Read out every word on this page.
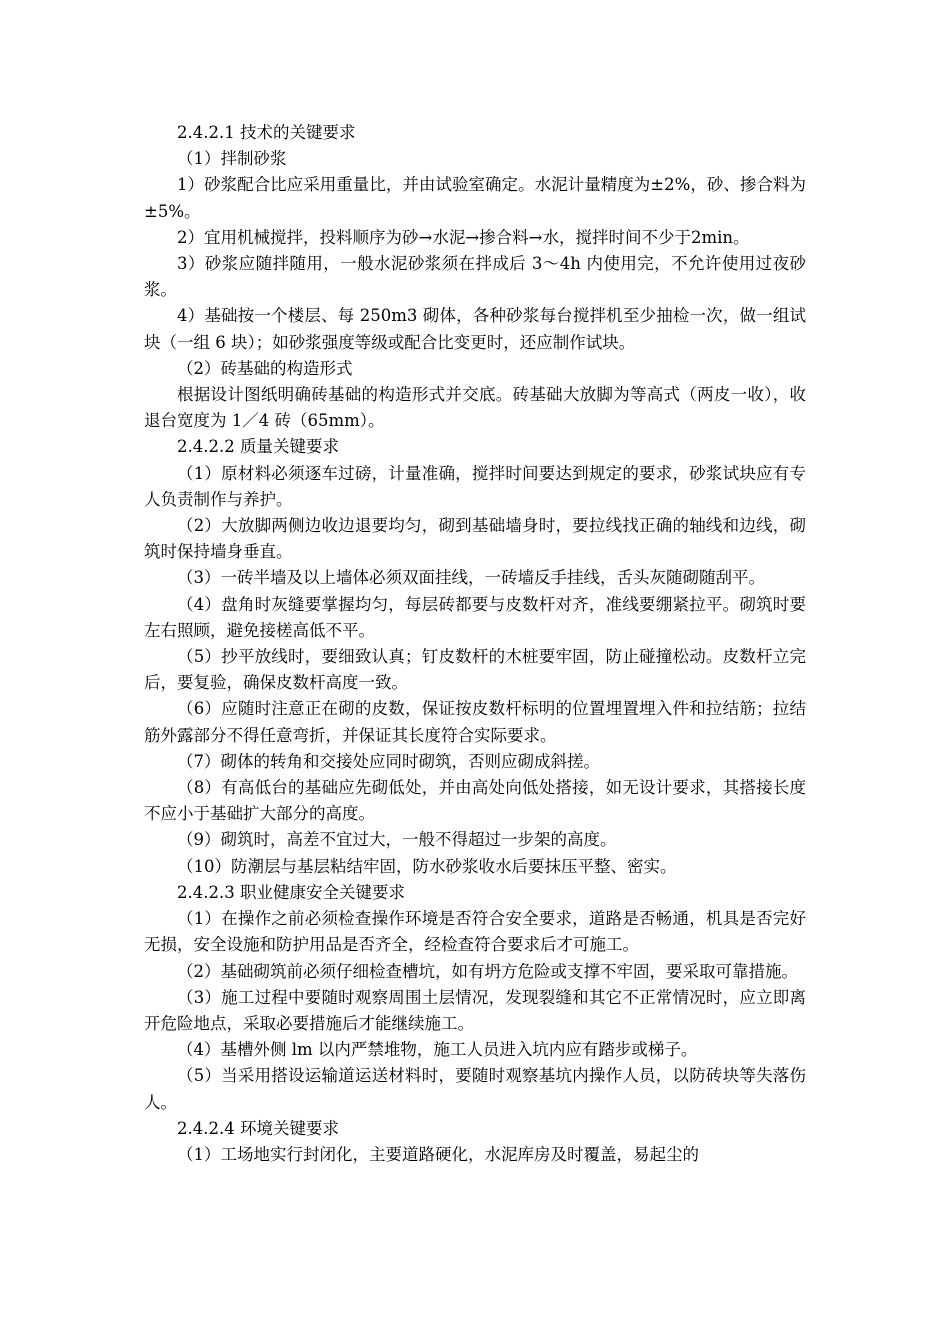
2.4.2.1 技术的关键要求

（1）拌制砂浆

1）砂浆配合比应采用重量比，并由试验室确定。水泥计量精度为±2%，砂、掺合料为±5%。

2）宜用机械搅拌，投料顺序为砂→水泥→掺合料→水，搅拌时间不少于2min。

3）砂浆应随拌随用，一般水泥砂浆须在拌成后 3～4h 内使用完，不允许使用过夜砂浆。

4）基础按一个楼层、每 250m3 砌体，各种砂浆每台搅拌机至少抽检一次，做一组试块（一组 6 块）；如砂浆强度等级或配合比变更时，还应制作试块。

（2）砖基础的构造形式

根据设计图纸明确砖基础的构造形式并交底。砖基础大放脚为等高式（两皮一收），收退台宽度为 1／4 砖（65mm）。

2.4.2.2 质量关键要求

（1）原材料必须逐车过磅，计量准确，搅拌时间要达到规定的要求，砂浆试块应有专人负责制作与养护。

（2）大放脚两侧边收边退要均匀，砌到基础墙身时，要拉线找正确的轴线和边线，砌筑时保持墙身垂直。

（3）一砖半墙及以上墙体必须双面挂线，一砖墙反手挂线，舌头灰随砌随刮平。

（4）盘角时灰缝要掌握均匀，每层砖都要与皮数杆对齐，准线要绷紧拉平。砌筑时要左右照顾，避免接槎高低不平。

（5）抄平放线时，要细致认真；钉皮数杆的木桩要牢固，防止碰撞松动。皮数杆立完后，要复验，确保皮数杆高度一致。

（6）应随时注意正在砌的皮数，保证按皮数杆标明的位置埋置埋入件和拉结筋；拉结筋外露部分不得任意弯折，并保证其长度符合实际要求。

（7）砌体的转角和交接处应同时砌筑，否则应砌成斜搓。

（8）有高低台的基础应先砌低处，并由高处向低处搭接，如无设计要求，其搭接长度不应小于基础扩大部分的高度。

（9）砌筑时，高差不宜过大，一般不得超过一步架的高度。

（10）防潮层与基层粘结牢固，防水砂浆收水后要抹压平整、密实。

2.4.2.3 职业健康安全关键要求

（1）在操作之前必须检查操作环境是否符合安全要求，道路是否畅通，机具是否完好无损，安全设施和防护用品是否齐全，经检查符合要求后才可施工。

（2）基础砌筑前必须仔细检查槽坑，如有坍方危险或支撑不牢固，要采取可靠措施。

（3）施工过程中要随时观察周围土层情况，发现裂缝和其它不正常情况时，应立即离开危险地点，采取必要措施后才能继续施工。

（4）基槽外侧 lm 以内严禁堆物，施工人员进入坑内应有踏步或梯子。

（5）当采用搭设运输道运送材料时，要随时观察基坑内操作人员，以防砖块等失落伤人。

2.4.2.4 环境关键要求

（1）工场地实行封闭化，主要道路硬化，水泥库房及时覆盖，易起尘的
